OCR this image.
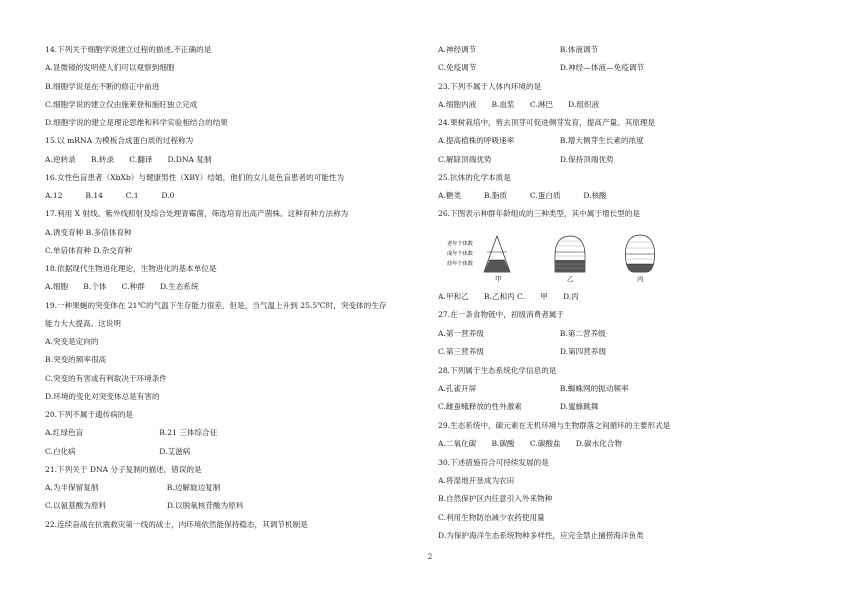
14.下列关于细胞学说建立过程的描述,不正确的是
A.显微镜的发明使人们可以观察到细胞
B.细胞学说是在不断的修正中前进
C.细胞学说的建立仅由施莱登和施旺独立完成
D.细胞学说的建立是理论思维和科学实验相结合的结果
15.以 mRNA 为模板合成蛋白质的过程称为
A.逆转录　　B.转录　　C.翻译　　D.DNA 复制
16.女性色盲患者（XbXb）与健康男性（XBY）结婚，他们的女儿是色盲患者的可能性为
A.12　　　B.14　　　C.1　　　D.0
17.利用 X 射线、紫外线照射及综合处理青霉菌，筛选培育出高产菌株。这种育种方法称为
A.诱变育种 B.多倍体育种
C.单倍体育种 D.杂交育种
18.依据现代生物进化理论，生物进化的基本单位是
A.细胞　　B.个体　　C.种群　　D.生态系统
19.一种果蝇的突变体在 21℃的气温下生存能力很差，但是，当气温上升到 25.5℃时，突变体的生存
能力大大提高。这说明
A.突变是定向的
B.突变的频率很高
C.突变的有害或有利取决于环境条件
D.环境的变化对突变体总是有害的
20.下列不属于遗传病的是
A.红绿色盲　　　　　　　　　　B.21 三体综合征
C.白化病　　　　　　　　　　　D.艾滋病
21.下列关于 DNA 分子复制的描述，错误的是
A.为半保留复制　　　　　　　　　B.边解旋边复制
C.以氨基酸为原料　　　　　　　　D.以脱氧核苷酸为原料
22.连续奋战在抗震救灾第一线的战士，内环境依然能保持稳态，其调节机制是
A.神经调节　　　　　　　　　　　B.体液调节
C.免疫调节　　　　　　　　　　　D.神经—体液—免疫调节
23.下列不属于人体内环境的是
A.细胞内液　　B.血浆　　C.淋巴　　D.组织液
24.果树栽培中，剪去顶芽可促进侧芽发育，提高产量。其原理是
A.提高植株的呼吸速率　　　　　　B.增大侧芽生长素的浓度
C.解除顶端优势　　　　　　　　　D.保持顶端优势
25.抗体的化学本质是
A.糖类　　　B.脂质　　　C.蛋白质　　　D.核酸
26.下图表示种群年龄组成的三种类型，其中属于增长型的是
老年个体数
成年个体数
幼年个体数
甲	乙	丙
A.甲和乙　　B.乙和丙 C.　　甲　　D.丙
27.在一条食物链中，初级消费者属于
A.第一营养级　　　　　　　　　　B.第二营养级
C.第三营养级　　　　　　　　　　D.第四营养级
28.下列属于生态系统化学信息的是
A.孔雀开屏　　　　　　　　　　　B.蜘蛛网的振动频率
C.雌蚕蛾释放的性外激素　　　　　D.蜜蜂跳舞
29.生态系统中，碳元素在无机环境与生物群落之间循环的主要形式是
A.二氧化碳　　B.碳酸　　C.碳酸盐　　D.碳水化合物
30.下述措施符合可持续发展的是
A.将湿地开垦成为农田
B.自然保护区内任意引入外来物种
C.利用生物防治减少农药使用量
D.为保护海洋生态系统物种多样性，应完全禁止捕捞海洋鱼类
2
